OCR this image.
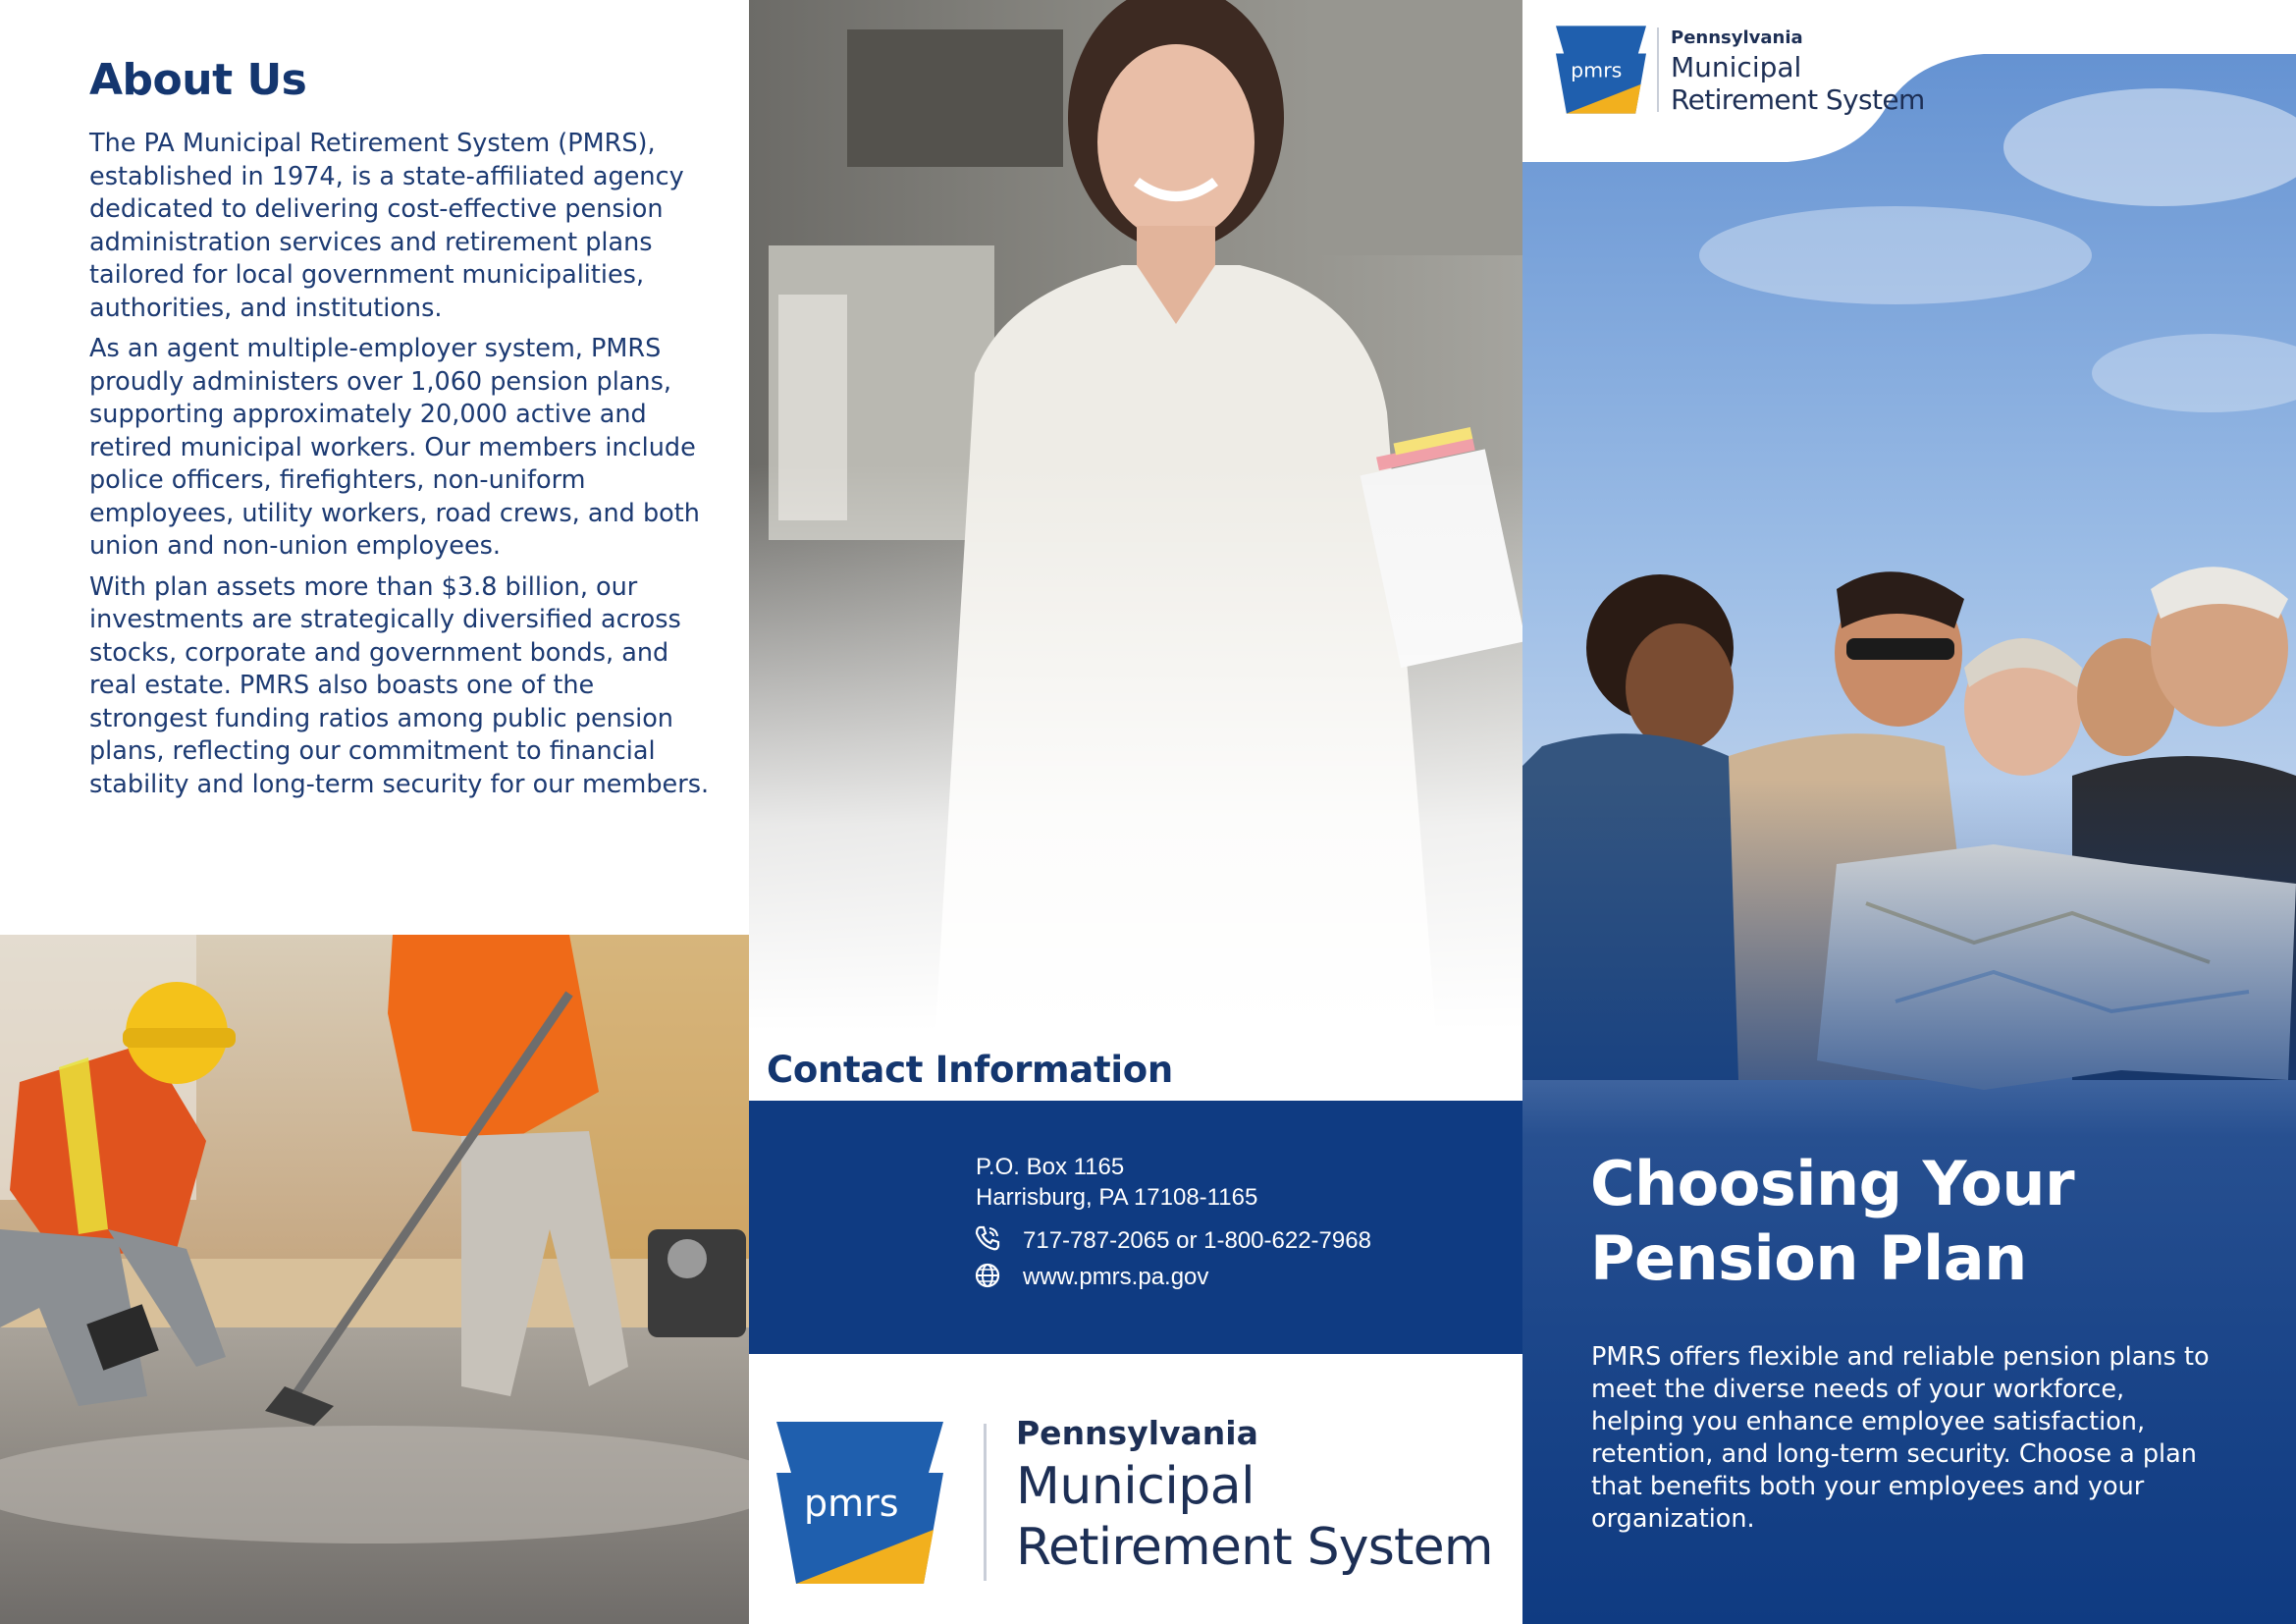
About Us

The PA Municipal Retirement System (PMRS), established in 1974, is a state-affiliated agency dedicated to delivering cost-effective pension administration services and retirement plans tailored for local government municipalities, authorities, and institutions.

As an agent multiple-employer system, PMRS proudly administers over 1,060 pension plans, supporting approximately 20,000 active and retired municipal workers. Our members include police officers, firefighters, non-uniform employees, utility workers, road crews, and both union and non-union employees.

With plan assets more than $3.8 billion, our investments are strategically diversified across stocks, corporate and government bonds, and real estate. PMRS also boasts one of the strongest funding ratios among public pension plans, reflecting our commitment to financial stability and long-term security for our members.

Contact Information
P.O. Box 1165
Harrisburg, PA 17108-1165
717-787-2065 or 1-800-622-7968
www.pmrs.pa.gov
pmrs
Pennsylvania
Municipal
Retirement System
pmrs
Pennsylvania
Municipal
Retirement System
Choosing Your
Pension Plan

PMRS offers flexible and reliable pension plans to meet the diverse needs of your workforce, helping you enhance employee satisfaction, retention, and long-term security. Choose a plan that benefits both your employees and your organization.
